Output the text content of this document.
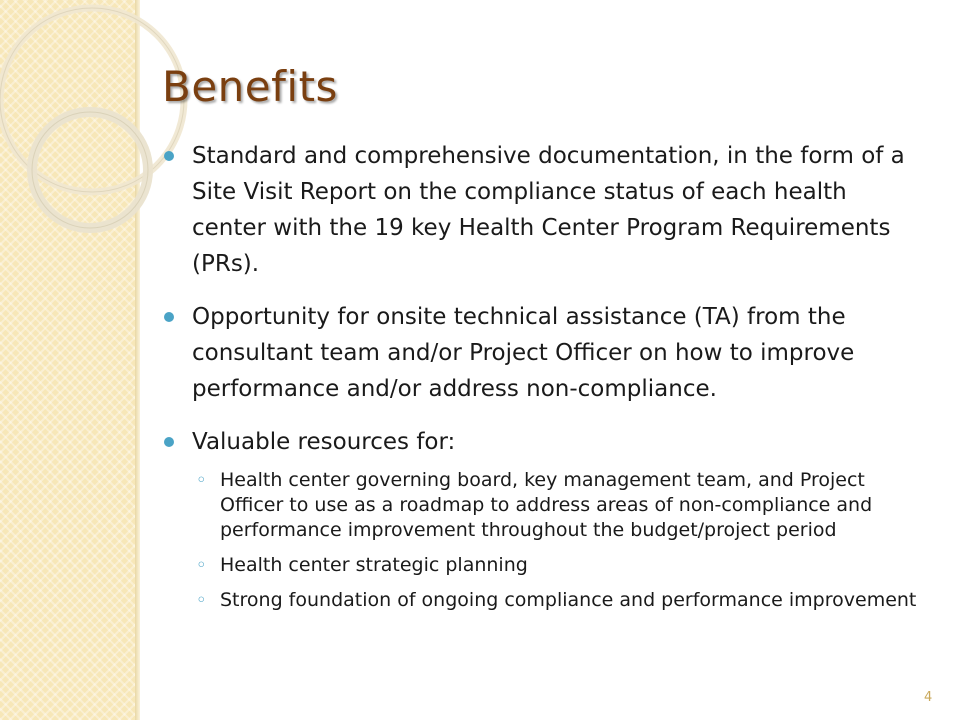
Benefits
Standard and comprehensive documentation, in the form of a Site Visit Report on the compliance status of each health center with the 19 key Health Center Program Requirements (PRs).
Opportunity for onsite technical assistance (TA) from the consultant team and/or Project Officer on how to improve performance and/or address non-compliance.
Valuable resources for:
◦ Health center governing board, key management team, and Project Officer to use as a roadmap to address areas of non-compliance and performance improvement throughout the budget/project period
◦ Health center strategic planning
◦ Strong foundation of ongoing compliance and performance improvement
4
